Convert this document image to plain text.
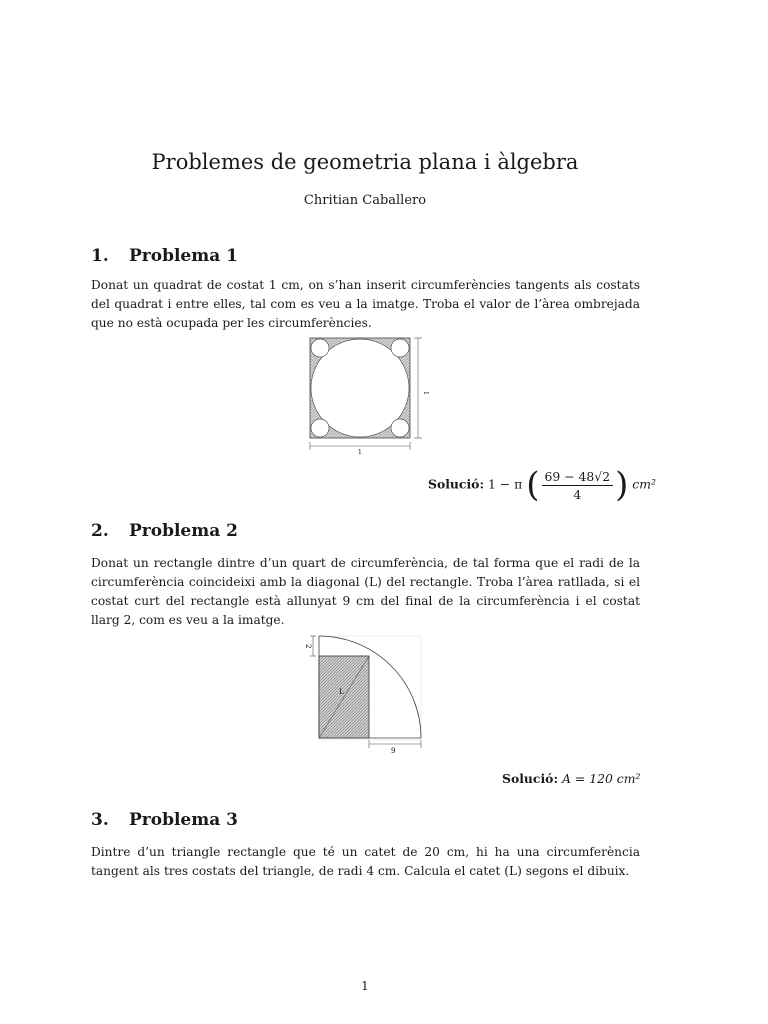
Problemes de geometria plana i àlgebra
Chritian Caballero
1. Problema 1
Donat un quadrat de costat 1 cm, on s’han inserit circumferències tangents als costats del quadrat i entre elles, tal com es veu a la imatge. Troba el valor de l’àrea ombrejada que no està ocupada per les circumferències.
1
1
Solució: 1 − π ( $\frac{69 - 48√2}{4}$ ) cm²
2. Problema 2
Donat un rectangle dintre d’un quart de circumferència, de tal forma que el radi de la circumferència coincideixi amb la diagonal (L) del rectangle. Troba l’àrea ratllada, si el costat curt del rectangle està allunyat 9 cm del final de la circumferència i el costat llarg 2, com es veu a la imatge.
2
L
9
Solució: A = 120 cm²
3. Problema 3
Dintre d’un triangle rectangle que té un catet de 20 cm, hi ha una circumferència tangent als tres costats del triangle, de radi 4 cm. Calcula el catet (L) segons el dibuix.
1
